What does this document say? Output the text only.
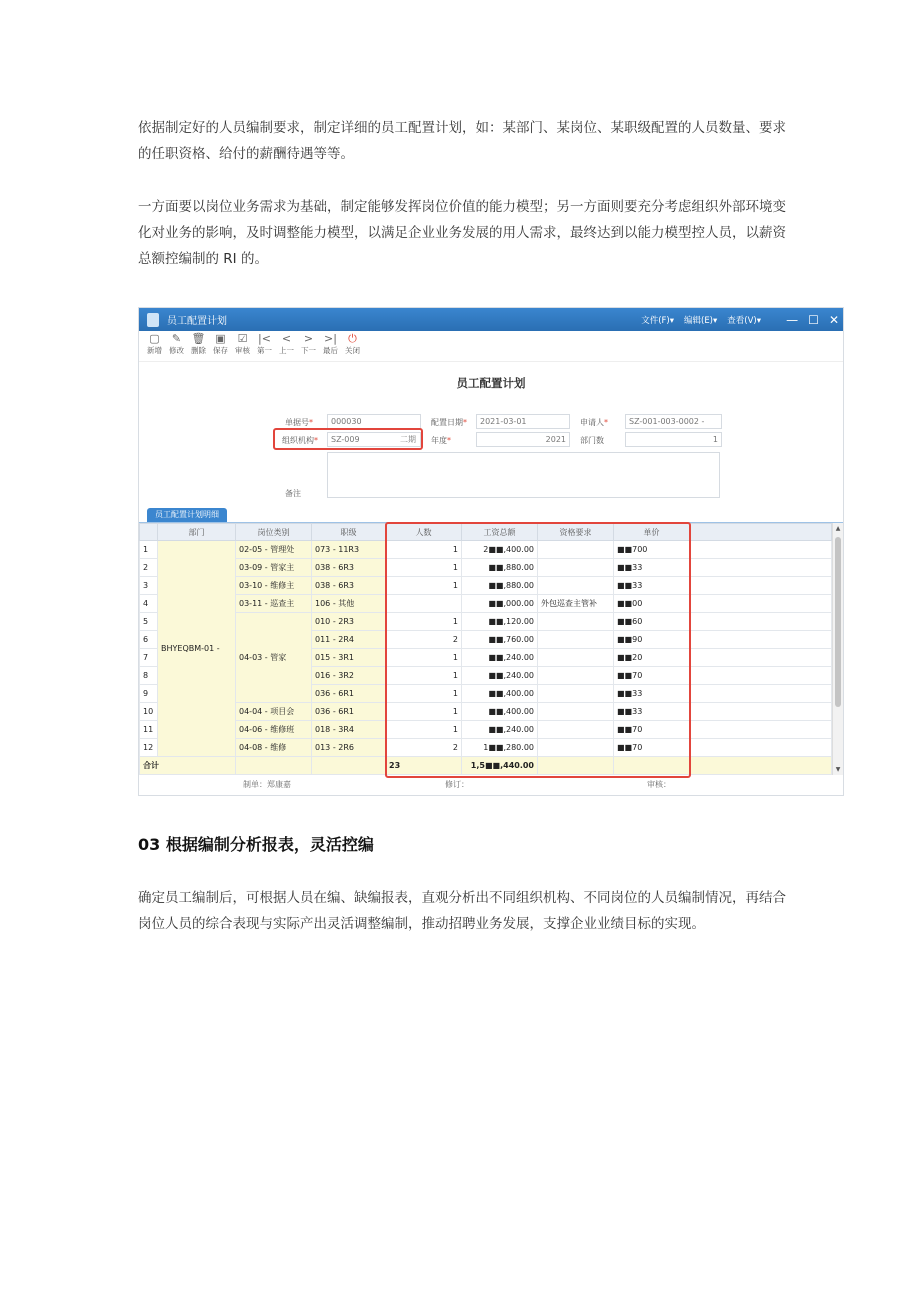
依据制定好的人员编制要求，制定详细的员工配置计划，如：某部门、某岗位、某职级配置的人员数量、要求的任职资格、给付的薪酬待遇等等。

一方面要以岗位业务需求为基础，制定能够发挥岗位价值的能力模型；另一方面则要充分考虑组织外部环境变化对业务的影响，及时调整能力模型，以满足企业业务发展的用人需求，最终达到以能力模型控人员，以薪资总额控编制的 RI 的。

员工配置计划	文件(F)▾ 编辑(E)▾ 查看(V)▾ — ☐ ✕
▢
新增
✎
修改
🗑
删除
▣
保存
☑
审核
|<
第一
<
上一
>
下一
>|
最后
⏻
关闭
员工配置计划
单据号*	000030	配置日期*	2021-03-01	申请人*	SZ-001-003-0002 -
组织机构*	SZ-009	二期 年度*	2021	部门数	1
备注
员工配置计划明细
	部门	岗位类别	职级	人数	工资总额	资格要求	单价	
1	BHYEQBM-01 -	02-05 - 管理处	073 - 11R3	1	2■■,400.00		■■700	
2		03-09 - 管家主	038 - 6R3	1	■■,880.00		■■33	
3		03-10 - 维修主	038 - 6R3	1	■■,880.00		■■33	
4		03-11 - 巡查主	106 - 其他		■■,000.00	外包巡查主管补	■■00	
5		04-03 - 管家	010 - 2R3	1	■■,120.00		■■60	
6			011 - 2R4	2	■■,760.00		■■90	
7			015 - 3R1	1	■■,240.00		■■20	
8			016 - 3R2	1	■■,240.00		■■70	
9			036 - 6R1	1	■■,400.00		■■33	
10		04-04 - 项目会	036 - 6R1	1	■■,400.00		■■33	
11		04-06 - 维修班	018 - 3R4	1	■■,240.00		■■70	
12		04-08 - 维修	013 - 2R6	2	1■■,280.00		■■70	
合计				23	1,5■■,440.00			
▲
▼
制单：郑康嘉	修订：	审核：
03 根据编制分析报表，灵活控编

确定员工编制后，可根据人员在编、缺编报表，直观分析出不同组织机构、不同岗位的人员编制情况，再结合岗位人员的综合表现与实际产出灵活调整编制，推动招聘业务发展，支撑企业业绩目标的实现。
